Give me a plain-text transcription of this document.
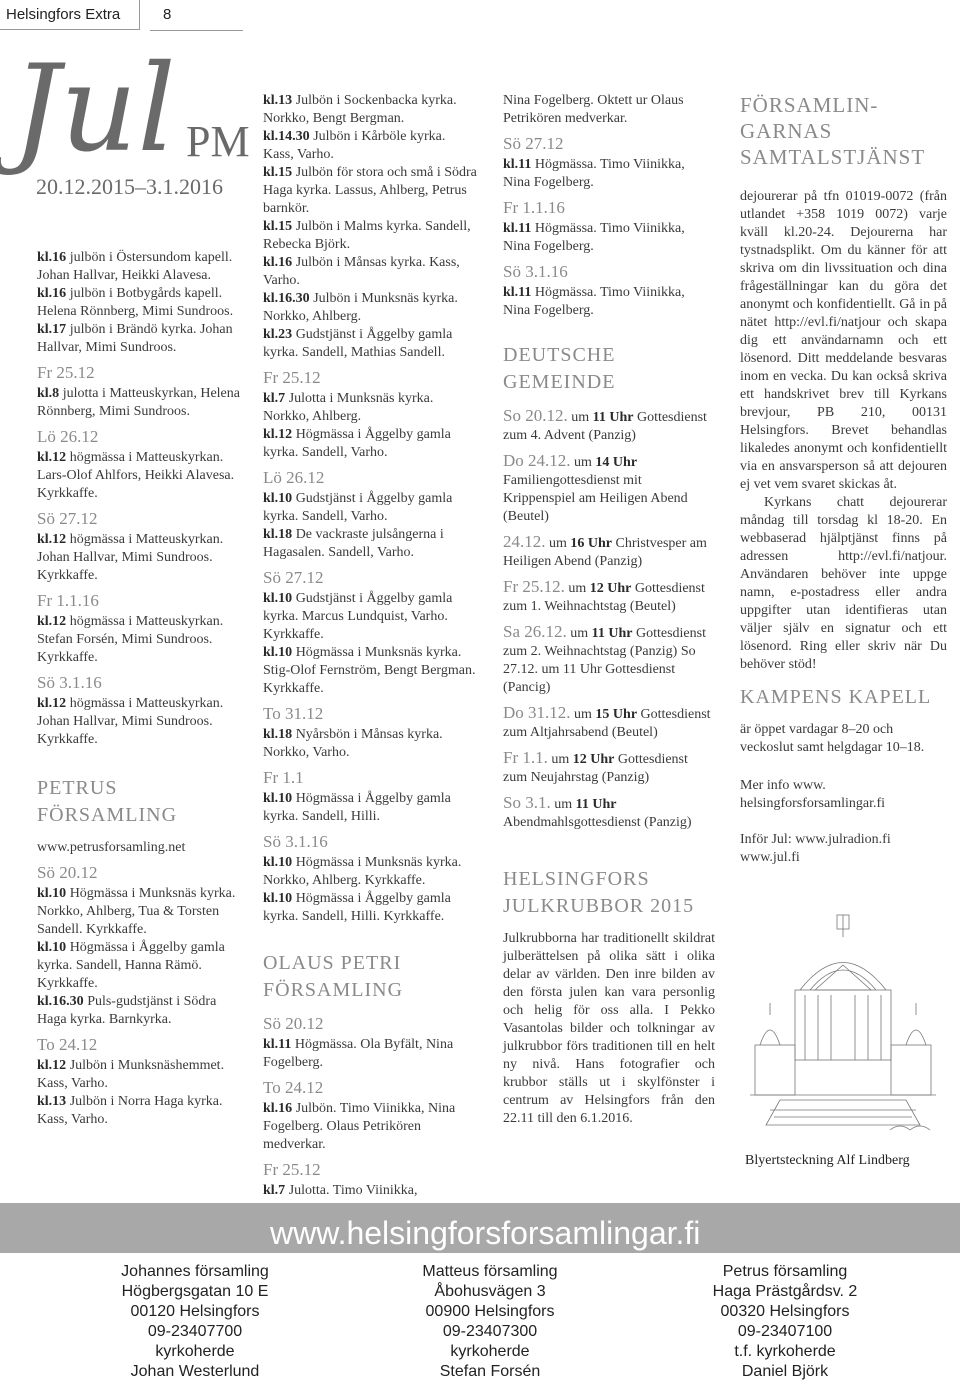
Helsingfors Extra	8
Jul PM
20.12.2015–3.1.2016

kl.16 julbön i Östersundom kapell. Johan Hallvar, Heikki Alavesa.

kl.16 julbön i Botbygårds kapell. Helena Rönnberg, Mimi Sundroos.

kl.17 julbön i Brändö kyrka. Johan Hallvar, Mimi Sundroos.

Fr 25.12

kl.8 julotta i Matteuskyrkan, Helena Rönnberg, Mimi Sundroos.

Lö 26.12

kl.12 högmässa i Matteuskyrkan. Lars-Olof Ahlfors, Heikki Alavesa. Kyrkkaffe.

Sö 27.12

kl.12 högmässa i Matteuskyrkan. Johan Hallvar, Mimi Sundroos. Kyrkkaffe.

Fr 1.1.16

kl.12 högmässa i Matteuskyrkan. Stefan Forsén, Mimi Sundroos. Kyrkkaffe.

Sö 3.1.16

kl.12 högmässa i Matteuskyrkan. Johan Hallvar, Mimi Sundroos. Kyrkkaffe.

PETRUS FÖRSAMLING

www.petrusforsamling.net

Sö 20.12

kl.10 Högmässa i Munksnäs kyrka. Norkko, Ahlberg, Tua & Torsten Sandell. Kyrkkaffe.

kl.10 Högmässa i Åggelby gamla kyrka. Sandell, Hanna Rämö. Kyrkkaffe.

kl.16.30 Puls-gudstjänst i Södra Haga kyrka. Barnkyrka.

To 24.12

kl.12 Julbön i Munksnäshemmet. Kass, Varho.

kl.13 Julbön i Norra Haga kyrka. Kass, Varho.

kl.13 Julbön i Sockenbacka kyrka. Norkko, Bengt Bergman.

kl.14.30 Julbön i Kårböle kyrka. Kass, Varho.

kl.15 Julbön för stora och små i Södra Haga kyrka. Lassus, Ahlberg, Petrus barnkör.

kl.15 Julbön i Malms kyrka. Sandell, Rebecka Björk.

kl.16 Julbön i Månsas kyrka. Kass, Varho.

kl.16.30 Julbön i Munksnäs kyrka. Norkko, Ahlberg.

kl.23 Gudstjänst i Åggelby gamla kyrka. Sandell, Mathias Sandell.

Fr 25.12

kl.7 Julotta i Munksnäs kyrka. Norkko, Ahlberg.

kl.12 Högmässa i Åggelby gamla kyrka. Sandell, Varho.

Lö 26.12

kl.10 Gudstjänst i Åggelby gamla kyrka. Sandell, Varho.

kl.18 De vackraste julsångerna i Hagasalen. Sandell, Varho.

Sö 27.12

kl.10 Gudstjänst i Åggelby gamla kyrka. Marcus Lundquist, Varho. Kyrkkaffe.

kl.10 Högmässa i Munksnäs kyrka. Stig-Olof Fernström, Bengt Bergman. Kyrkkaffe.

To 31.12

kl.18 Nyårsbön i Månsas kyrka. Norkko, Varho.

Fr 1.1

kl.10 Högmässa i Åggelby gamla kyrka. Sandell, Hilli.

Sö 3.1.16

kl.10 Högmässa i Munksnäs kyrka. Norkko, Ahlberg. Kyrkkaffe.

kl.10 Högmässa i Åggelby gamla kyrka. Sandell, Hilli. Kyrkkaffe.

OLAUS PETRI FÖRSAMLING
Sö 20.12

kl.11 Högmässa. Ola Byfält, Nina Fogelberg.

To 24.12

kl.16 Julbön. Timo Viinikka, Nina Fogelberg. Olaus Petrikören medverkar.

Fr 25.12

kl.7 Julotta. Timo Viinikka,

Nina Fogelberg. Oktett ur Olaus Petrikören medverkar.

Sö 27.12

kl.11 Högmässa. Timo Viinikka, Nina Fogelberg.

Fr 1.1.16

kl.11 Högmässa. Timo Viinikka, Nina Fogelberg.

Sö 3.1.16

kl.11 Högmässa. Timo Viinikka, Nina Fogelberg.

DEUTSCHE GEMEINDE

So 20.12. um 11 Uhr Gottesdienst zum 4. Advent (Panzig)

Do 24.12. um 14 Uhr Familiengottesdienst mit Krippenspiel am Heiligen Abend (Beutel)

24.12. um 16 Uhr Christvesper am Heiligen Abend (Panzig)

Fr 25.12. um 12 Uhr Gottesdienst zum 1. Weihnachtstag (Beutel)

Sa 26.12. um 11 Uhr Gottesdienst zum 2. Weihnachtstag (Panzig) So 27.12. um 11 Uhr Gottesdienst (Pancig)

Do 31.12. um 15 Uhr Gottesdienst zum Altjahrsabend (Beutel)

Fr 1.1. um 12 Uhr Gottesdienst zum Neujahrstag (Panzig)

So 3.1. um 11 Uhr Abendmahlsgottesdienst (Panzig)

HELSINGFORS JULKRUBBOR 2015

Julkrubborna har traditionellt skildrat julberättelsen på olika sätt i olika delar av världen. Den inre bilden av den första julen kan vara personlig och helig för oss alla. I Pekko Vasantolas bilder och tolkningar av julkrubbor förs traditionen till en helt ny nivå. Hans fotografier och krubbor ställs ut i skylfönster i centrum av Helsingfors från den 22.11 till den 6.1.2016.

FÖRSAMLIN-GARNAS SAMTALSTJÄNST

dejourerar på tfn 01019-0072 (från utlandet +358 1019 0072) varje kväll kl.20-24. Dejourerna har tystnadsplikt. Om du känner för att skriva om din livssituation och dina frågeställningar kan du göra det anonymt och konfidentiellt. Gå in på nätet http://evl.fi/natjour och skapa dig ett användarnamn och ett lösenord. Ditt meddelande besvaras inom en vecka. Du kan också skriva ett handskrivet brev till Kyrkans brevjour, PB 210, 00131 Helsingfors. Brevet behandlas likaledes anonymt och konfidentiellt via en ansvarsperson så att dejouren ej vet vem svaret skickas åt.

Kyrkans chatt dejourerar måndag till torsdag kl 18-20. En webbaserad hjälptjänst finns på adressen http://evl.fi/natjour. Användaren behöver inte uppge namn, e-postadress eller andra uppgifter utan identifieras utan väljer själv en signatur och ett lösenord. Ring eller skriv när Du behöver stöd!

KAMPENS KAPELL

är öppet vardagar 8–20 och veckoslut samt helgdagar 10–18.

Mer info www. helsingforsforsamlingar.fi

Inför Jul: www.julradion.fi www.jul.fi

Blyertsteckning Alf Lindberg
www.helsingforsforsamlingar.fi
Johannes församling
Högbergsgatan 10 E
00120 Helsingfors
09-23407700
kyrkoherde
Johan Westerlund
Matteus församling
Åbohusvägen 3
00900 Helsingfors
09-23407300
kyrkoherde
Stefan Forsén
Petrus församling
Haga Prästgårdsv. 2
00320 Helsingfors
09-23407100
t.f. kyrkoherde
Daniel Björk
